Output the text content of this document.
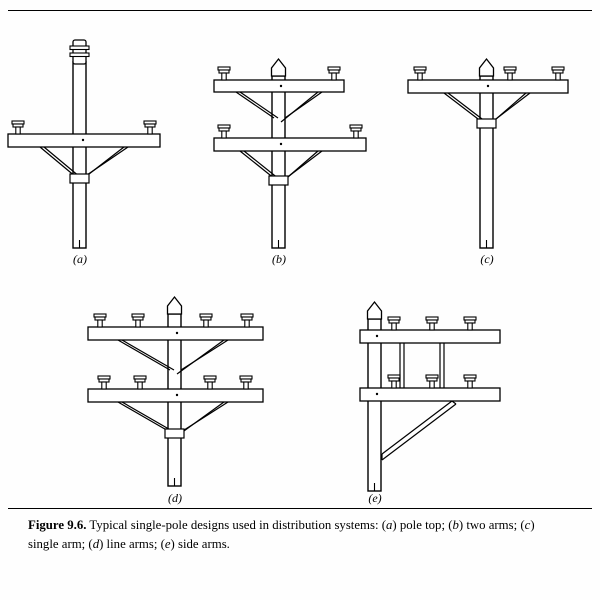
(a)	(b)	(c)
(d)	(e)
Figure 9.6. Typical single-pole designs used in distribution systems: (a) pole top; (b) two arms; (c) single arm; (d) line arms; (e) side arms.
